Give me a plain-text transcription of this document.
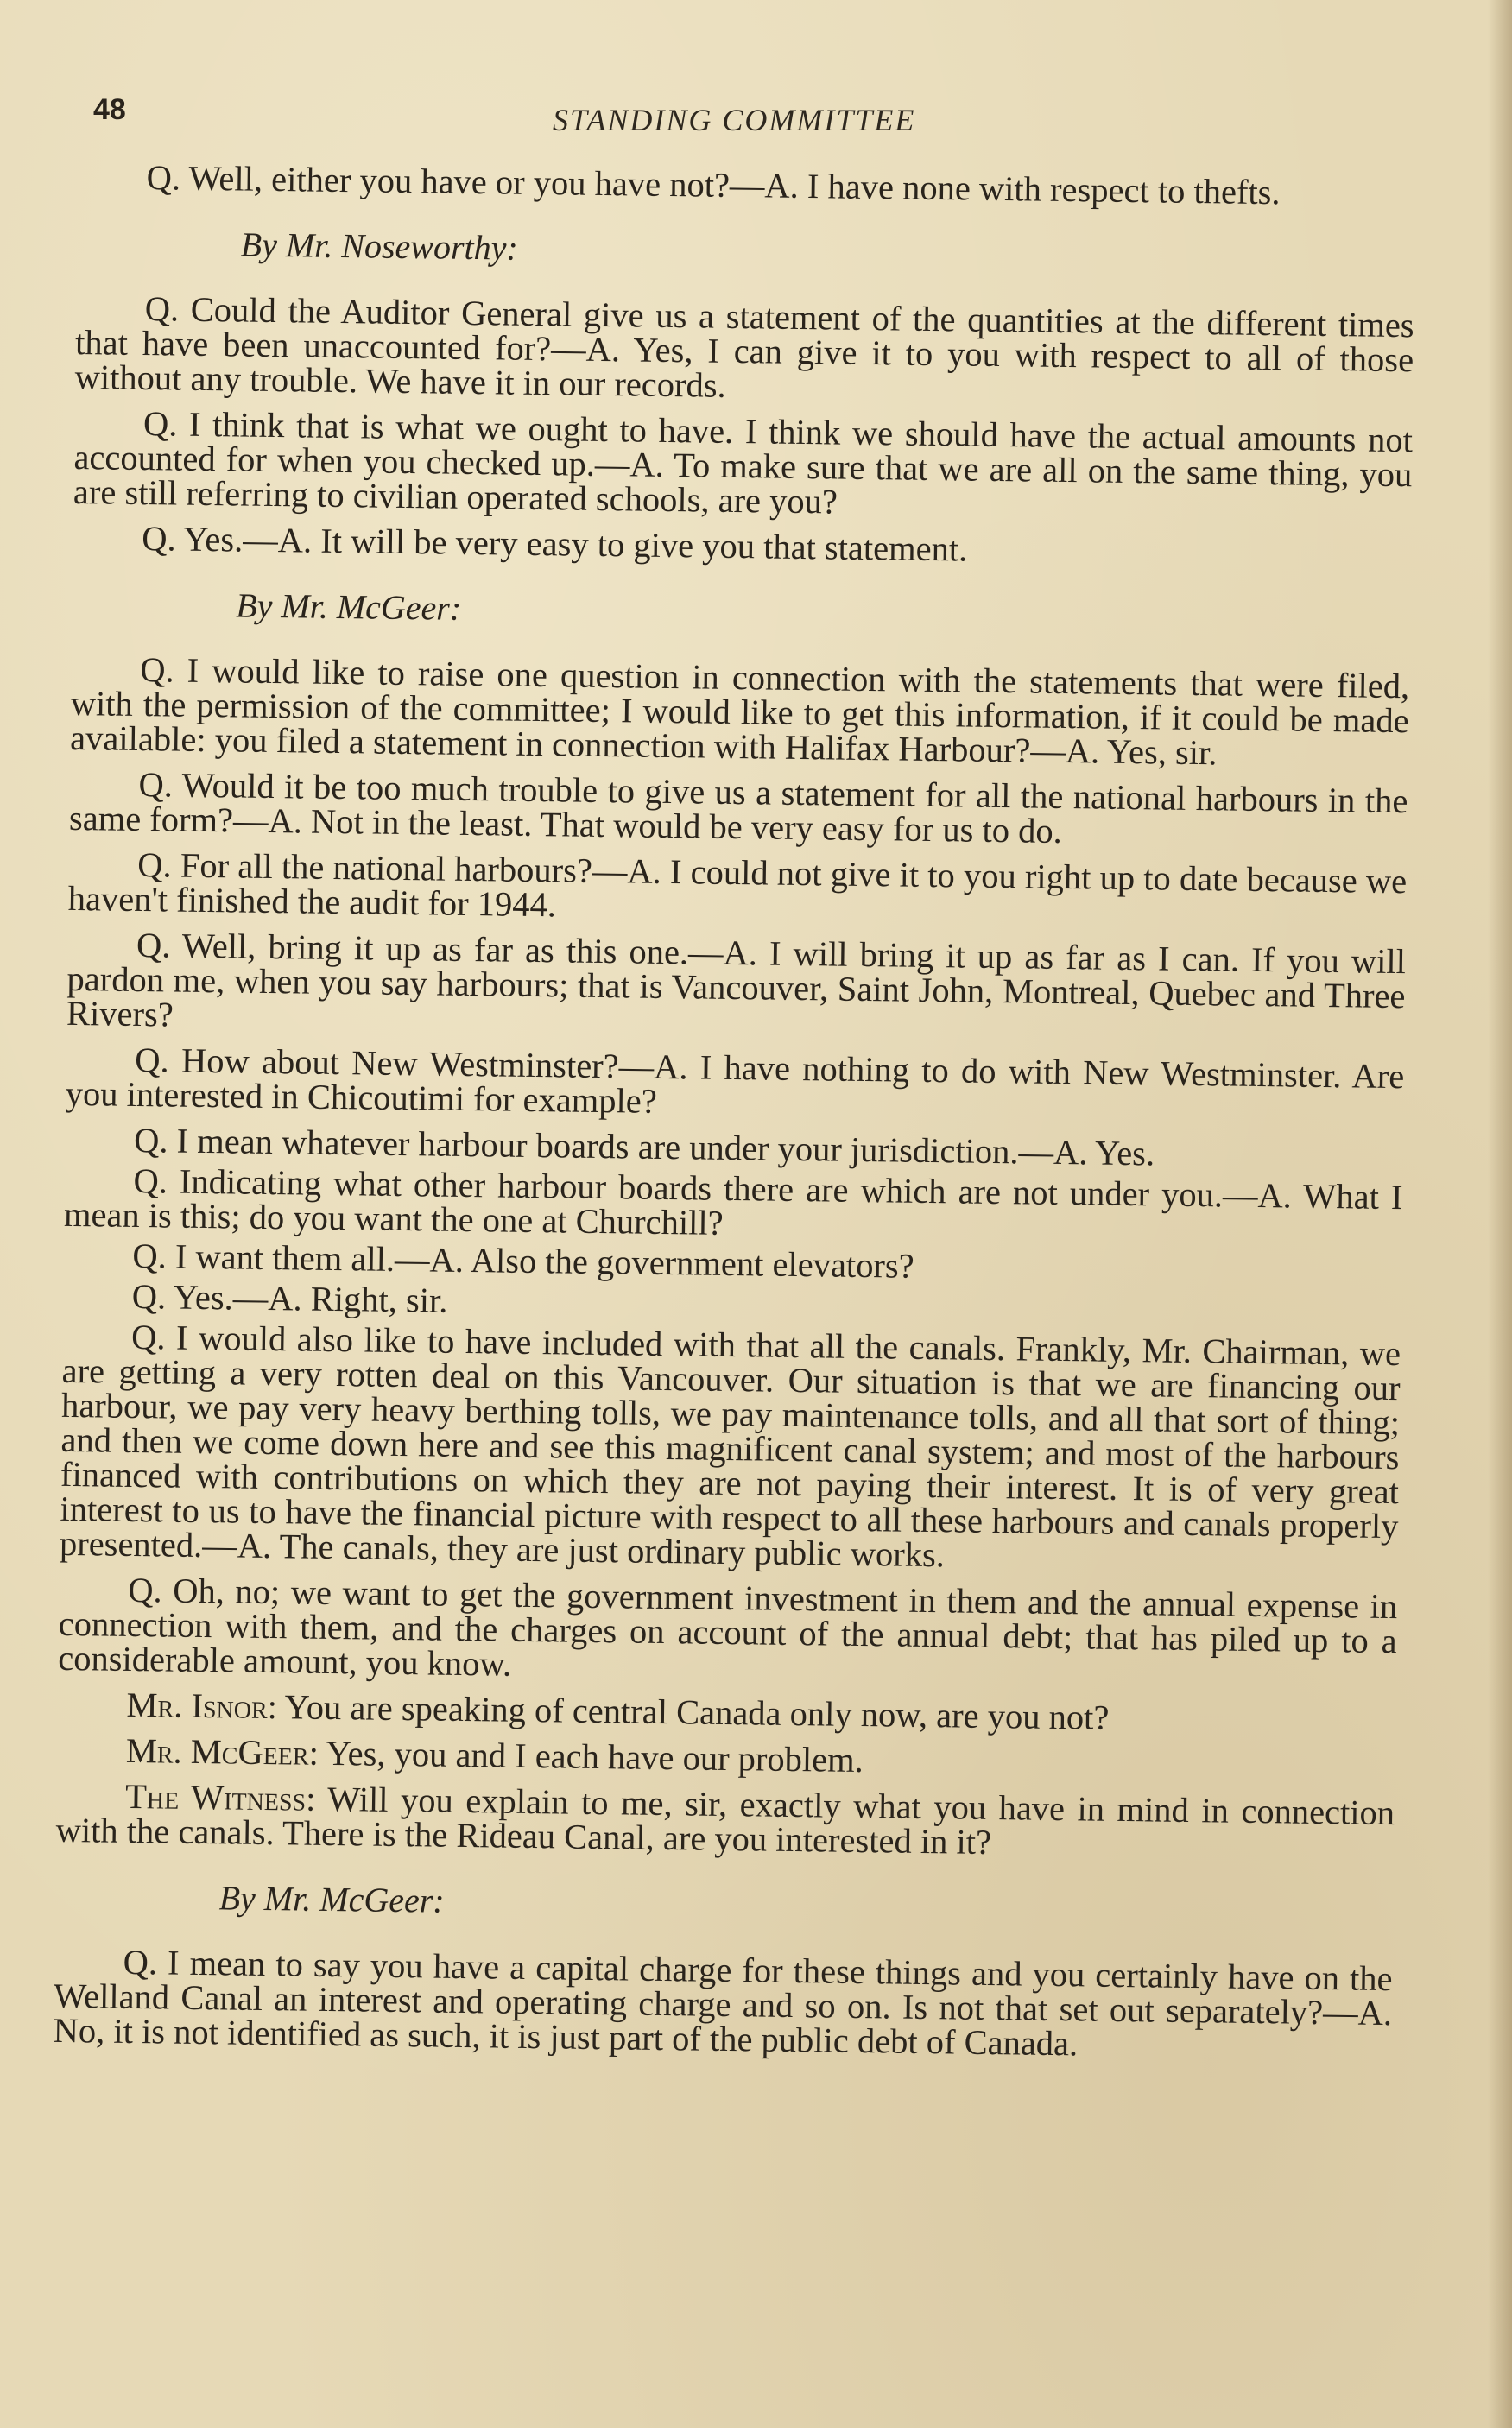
48	STANDING COMMITTEE

Q. Well, either you have or you have not?—A. I have none with respect to thefts.

By Mr. Noseworthy:

Q. Could the Auditor General give us a statement of the quantities at the different times that have been unaccounted for?—A. Yes, I can give it to you with respect to all of those without any trouble. We have it in our records.

Q. I think that is what we ought to have. I think we should have the actual amounts not accounted for when you checked up.—A. To make sure that we are all on the same thing, you are still referring to civilian operated schools, are you?

Q. Yes.—A. It will be very easy to give you that statement.

By Mr. McGeer:

Q. I would like to raise one question in connection with the statements that were filed, with the permission of the committee; I would like to get this information, if it could be made available: you filed a statement in connection with Halifax Harbour?—A. Yes, sir.

Q. Would it be too much trouble to give us a statement for all the national harbours in the same form?—A. Not in the least. That would be very easy for us to do.

Q. For all the national harbours?—A. I could not give it to you right up to date because we haven't finished the audit for 1944.

Q. Well, bring it up as far as this one.—A. I will bring it up as far as I can. If you will pardon me, when you say harbours; that is Vancouver, Saint John, Montreal, Quebec and Three Rivers?

Q. How about New Westminster?—A. I have nothing to do with New Westminster. Are you interested in Chicoutimi for example?

Q. I mean whatever harbour boards are under your jurisdiction.—A. Yes.

Q. Indicating what other harbour boards there are which are not under you.—A. What I mean is this; do you want the one at Churchill?

Q. I want them all.—A. Also the government elevators?

Q. Yes.—A. Right, sir.

Q. I would also like to have included with that all the canals. Frankly, Mr. Chairman, we are getting a very rotten deal on this Vancouver. Our situation is that we are financing our harbour, we pay very heavy berthing tolls, we pay maintenance tolls, and all that sort of thing; and then we come down here and see this magnificent canal system; and most of the harbours financed with contributions on which they are not paying their interest. It is of very great interest to us to have the financial picture with respect to all these harbours and canals properly presented.—A. The canals, they are just ordinary public works.

Q. Oh, no; we want to get the government investment in them and the annual expense in connection with them, and the charges on account of the annual debt; that has piled up to a considerable amount, you know.

Mr. Isnor: You are speaking of central Canada only now, are you not?

Mr. McGeer: Yes, you and I each have our problem.

The Witness: Will you explain to me, sir, exactly what you have in mind in connection with the canals. There is the Rideau Canal, are you interested in it?

By Mr. McGeer:

Q. I mean to say you have a capital charge for these things and you certainly have on the Welland Canal an interest and operating charge and so on. Is not that set out separately?—A. No, it is not identified as such, it is just part of the public debt of Canada.
